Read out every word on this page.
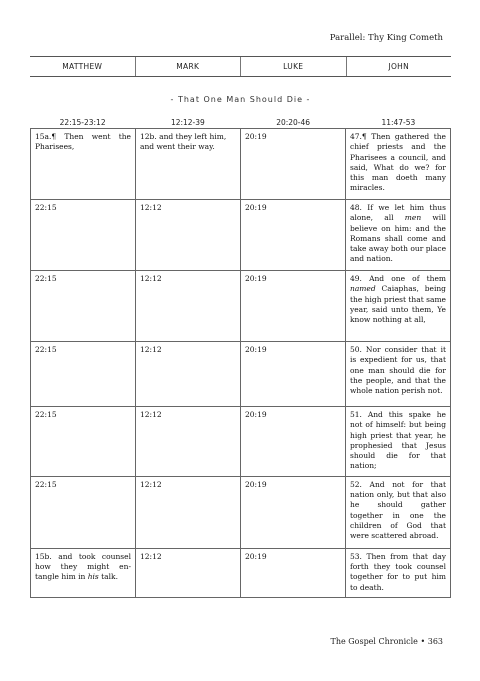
Parallel: Thy King Cometh
MATTHEW	MARK	LUKE	JOHN
- That One Man Should Die -
22:15-23:12	12:12-39	20:20-46	11:47-53
15a.¶ Then went the Pharisees,	12b. and they left him, and went their way.	20:19	47.¶ Then gathered the chief priests and the Pharisees a council, and said, What do we? for this man doeth many miracles.
22:15	12:12	20:19	48. If we let him thus alone, all men will believe on him: and the Romans shall come and take away both our place and nation.
22:15	12:12	20:19	49. And one of them named Caiaphas, being the high priest that same year, said unto them, Ye know nothing at all,
22:15	12:12	20:19	50. Nor consider that it is expedient for us, that one man should die for the people, and that the whole nation perish not.
22:15	12:12	20:19	51. And this spake he not of himself: but being high priest that year, he prophesied that Jesus should die for that nation;
22:15	12:12	20:19	52. And not for that nation only, but that also he should gather together in one the children of God that were scattered abroad.
15b. and took counsel how they might en-tangle him in his talk.	12:12	20:19	53. Then from that day forth they took counsel together for to put him to death.
The Gospel Chronicle • 363
